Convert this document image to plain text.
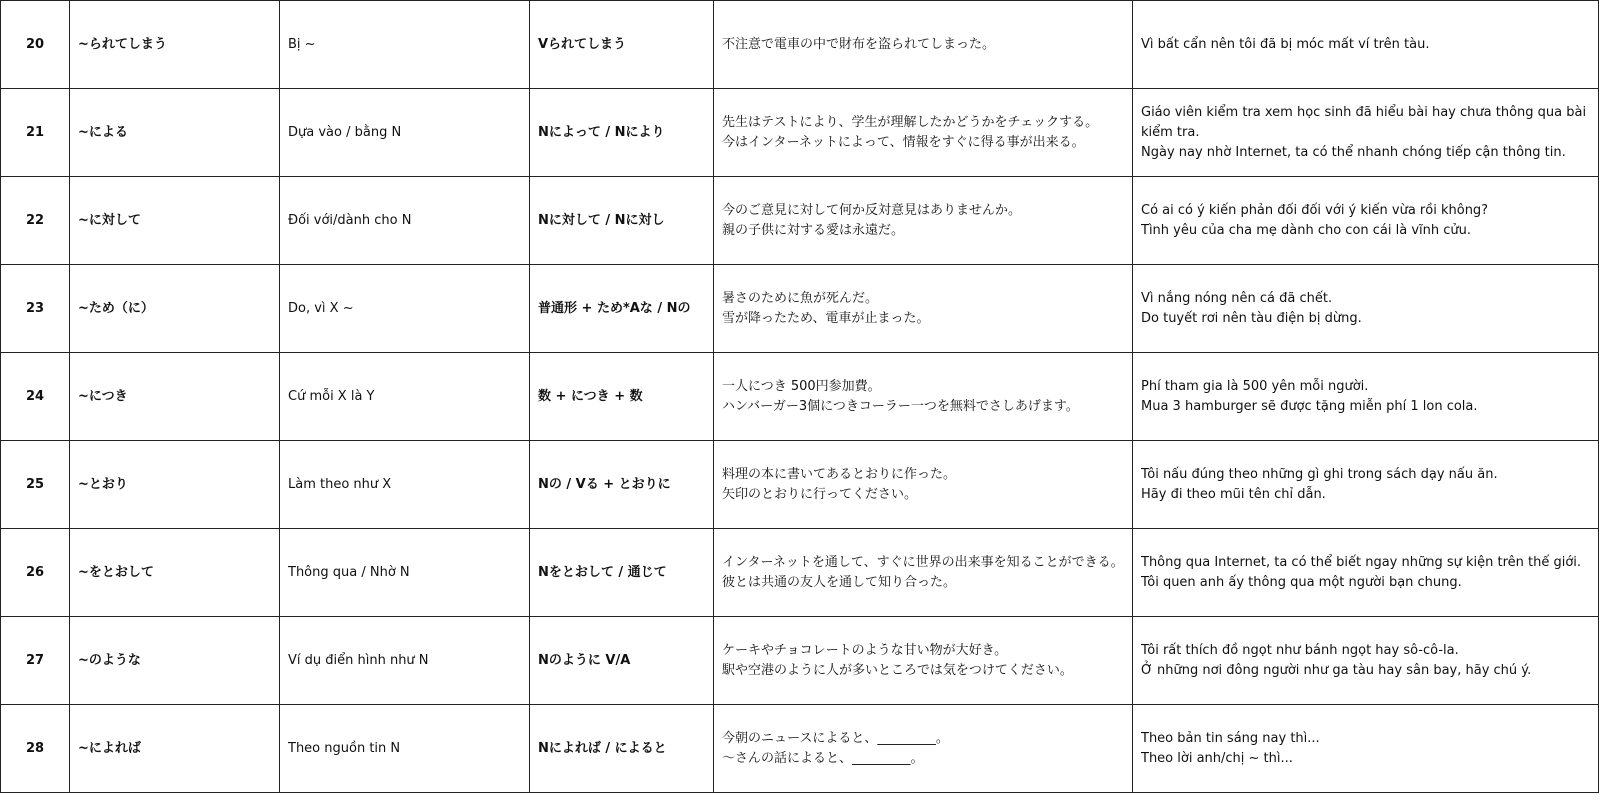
20	~られてしまう	Bị ~	Vられてしまう	不注意で電車の中で財布を盗られてしまった。	Vì bất cẩn nên tôi đã bị móc mất ví trên tàu.

21	~による	Dựa vào / bằng N	Nによって / Nにより	先生はテストにより、学生が理解したかどうかをチェックする。
今はインターネットによって、情報をすぐに得る事が出来る。	Giáo viên kiểm tra xem học sinh đã hiểu bài hay chưa thông qua bài kiểm tra.
Ngày nay nhờ Internet, ta có thể nhanh chóng tiếp cận thông tin.

22	~に対して	Đối với/dành cho N	Nに対して / Nに対し	今のご意見に対して何か反対意見はありませんか。
親の子供に対する愛は永遠だ。	Có ai có ý kiến phản đối đối với ý kiến vừa rồi không?
Tình yêu của cha mẹ dành cho con cái là vĩnh cửu.

23	~ため（に）	Do, vì X ~	普通形 + ため*Aな / Nの	暑さのために魚が死んだ。
雪が降ったため、電車が止まった。	Vì nắng nóng nên cá đã chết.
Do tuyết rơi nên tàu điện bị dừng.

24	~につき	Cứ mỗi X là Y	数 + につき + 数	一人につき 500円参加費。
ハンバーガー3個につきコーラー一つを無料でさしあげます。	Phí tham gia là 500 yên mỗi người.
Mua 3 hamburger sẽ được tặng miễn phí 1 lon cola.

25	~とおり	Làm theo như X	Nの / Vる + とおりに	料理の本に書いてあるとおりに作った。
矢印のとおりに行ってください。	Tôi nấu đúng theo những gì ghi trong sách dạy nấu ăn.
Hãy đi theo mũi tên chỉ dẫn.

26	~をとおして	Thông qua / Nhờ N	Nをとおして / 通じて	インターネットを通して、すぐに世界の出来事を知ることができる。
彼とは共通の友人を通して知り合った。	Thông qua Internet, ta có thể biết ngay những sự kiện trên thế giới.
Tôi quen anh ấy thông qua một người bạn chung.

27	~のような	Ví dụ điển hình như N	Nのように V/A	ケーキやチョコレートのような甘い物が大好き。
駅や空港のように人が多いところでは気をつけてください。	Tôi rất thích đồ ngọt như bánh ngọt hay sô-cô-la.
Ở những nơi đông người như ga tàu hay sân bay, hãy chú ý.

28	~によれば	Theo nguồn tin N	Nによれば / によると	今朝のニュースによると、_________。
〜さんの話によると、_________。	Theo bản tin sáng nay thì...
Theo lời anh/chị ~ thì...
